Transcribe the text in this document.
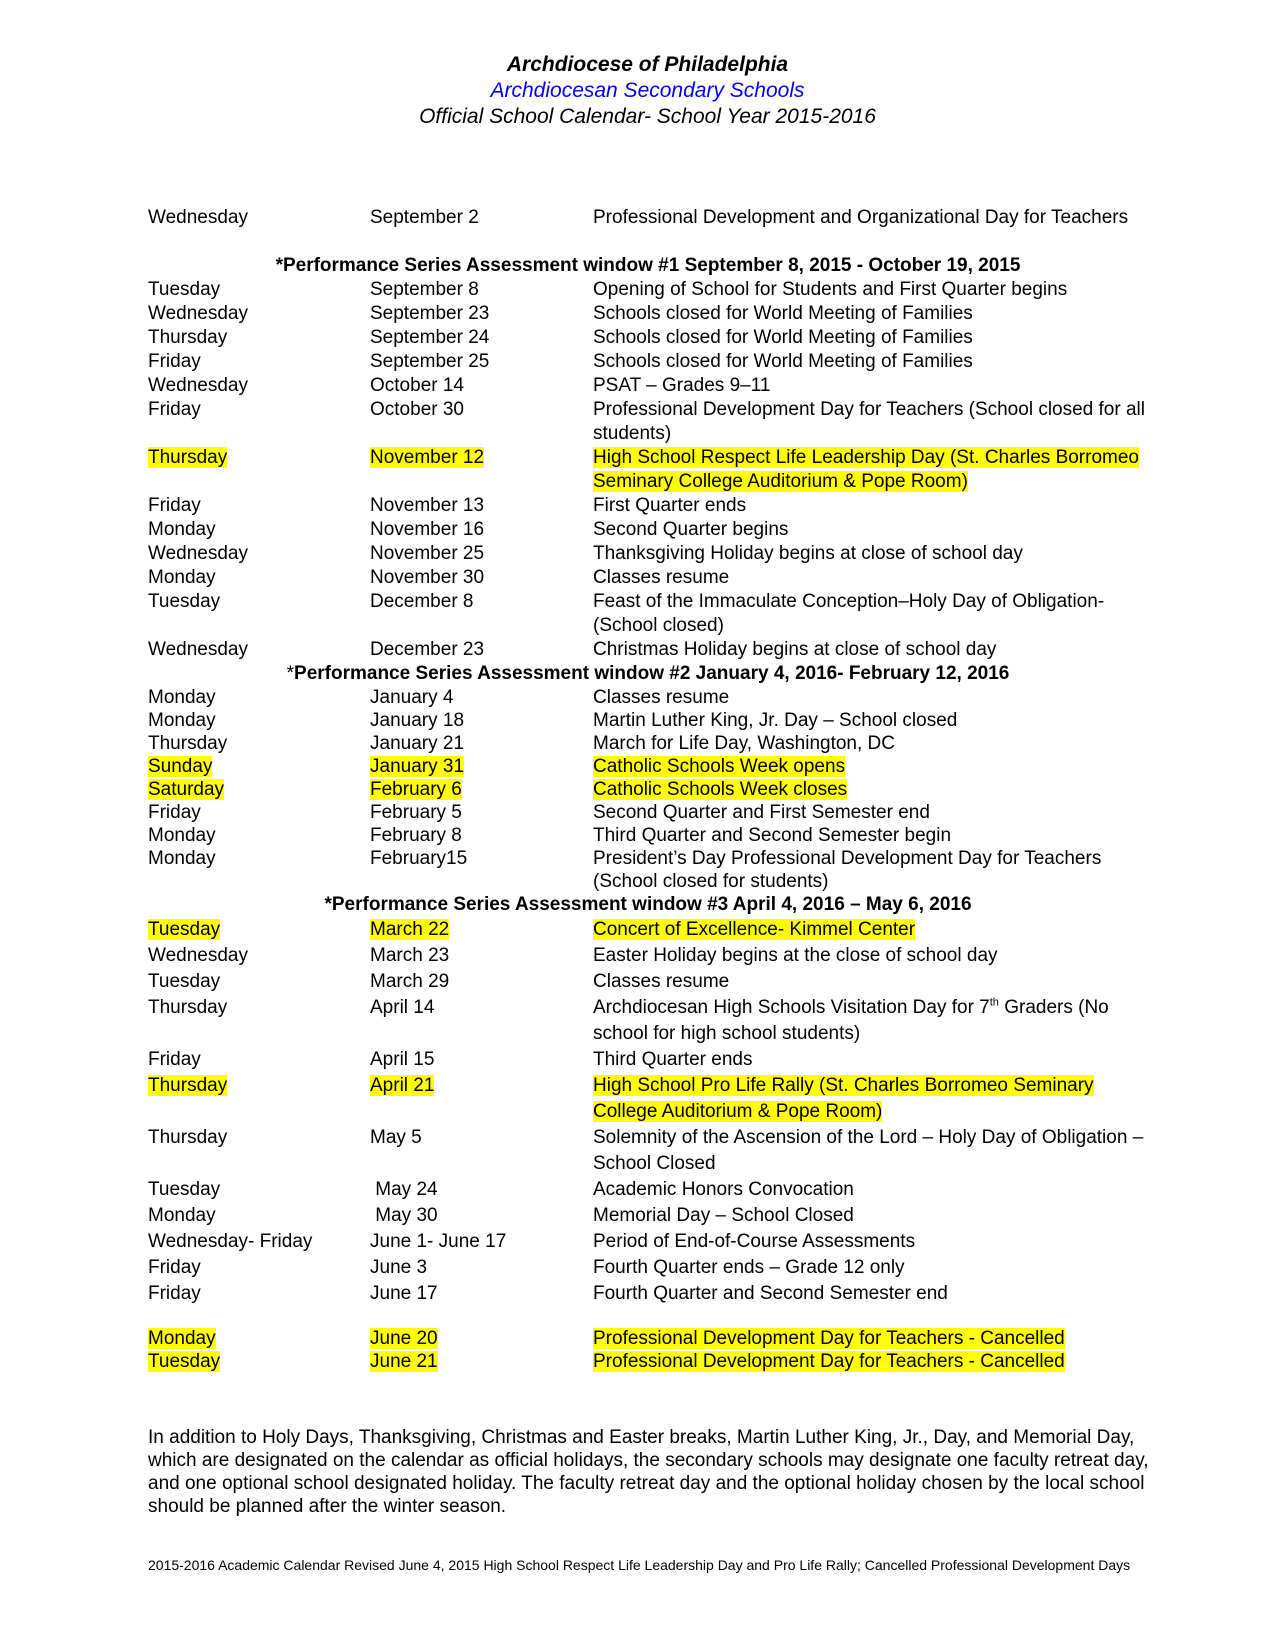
Archdiocese of Philadelphia
Archdiocesan Secondary Schools
Official School Calendar- School Year 2015-2016
Wednesday	September 2	Professional Development and Organizational Day for Teachers
*Performance Series Assessment window #1 September 8, 2015 - October 19, 2015
Tuesday	September 8	Opening of School for Students and First Quarter begins
Wednesday	September 23	Schools closed for World Meeting of Families
Thursday	September 24	Schools closed for World Meeting of Families
Friday	September 25	Schools closed for World Meeting of Families
Wednesday	October 14	PSAT – Grades 9–11
Friday	October 30	Professional Development Day for Teachers (School closed for all students)
Thursday	November 12	High School Respect Life Leadership Day (St. Charles Borromeo Seminary College Auditorium & Pope Room)
Friday	November 13	First Quarter ends
Monday	November 16	Second Quarter begins
Wednesday	November 25	Thanksgiving Holiday begins at close of school day
Monday	November 30	Classes resume
Tuesday	December 8	Feast of the Immaculate Conception–Holy Day of Obligation- (School closed)
Wednesday	December 23	Christmas Holiday begins at close of school day
*Performance Series Assessment window #2 January 4, 2016- February 12, 2016
Monday	January 4	Classes resume
Monday	January 18	Martin Luther King, Jr. Day – School closed
Thursday	January 21	March for Life Day, Washington, DC
Sunday	January 31	Catholic Schools Week opens
Saturday	February 6	Catholic Schools Week closes
Friday	February 5	Second Quarter and First Semester end
Monday	February 8	Third Quarter and Second Semester begin
Monday	February15	President’s Day Professional Development Day for Teachers (School closed for students)
*Performance Series Assessment window #3 April 4, 2016 – May 6, 2016
Tuesday	March 22	Concert of Excellence- Kimmel Center
Wednesday	March 23	Easter Holiday begins at the close of school day
Tuesday	March 29	Classes resume
Thursday	April 14	Archdiocesan High Schools Visitation Day for 7th Graders (No school for high school students)
Friday	April 15	Third Quarter ends
Thursday	April 21	High School Pro Life Rally (St. Charles Borromeo Seminary College Auditorium & Pope Room)
Thursday	May 5	Solemnity of the Ascension of the Lord – Holy Day of Obligation – School Closed
Tuesday	May 24	Academic Honors Convocation
Monday	May 30	Memorial Day – School Closed
Wednesday- Friday	June 1- June 17	Period of End-of-Course Assessments
Friday	June 3	Fourth Quarter ends – Grade 12 only
Friday	June 17	Fourth Quarter and Second Semester end
Monday	June 20	Professional Development Day for Teachers - Cancelled
Tuesday	June 21	Professional Development Day for Teachers - Cancelled
In addition to Holy Days, Thanksgiving, Christmas and Easter breaks, Martin Luther King, Jr., Day, and Memorial Day, which are designated on the calendar as official holidays, the secondary schools may designate one faculty retreat day, and one optional school designated holiday. The faculty retreat day and the optional holiday chosen by the local school should be planned after the winter season.
2015-2016 Academic Calendar Revised June 4, 2015 High School Respect Life Leadership Day and Pro Life Rally; Cancelled Professional Development Days
